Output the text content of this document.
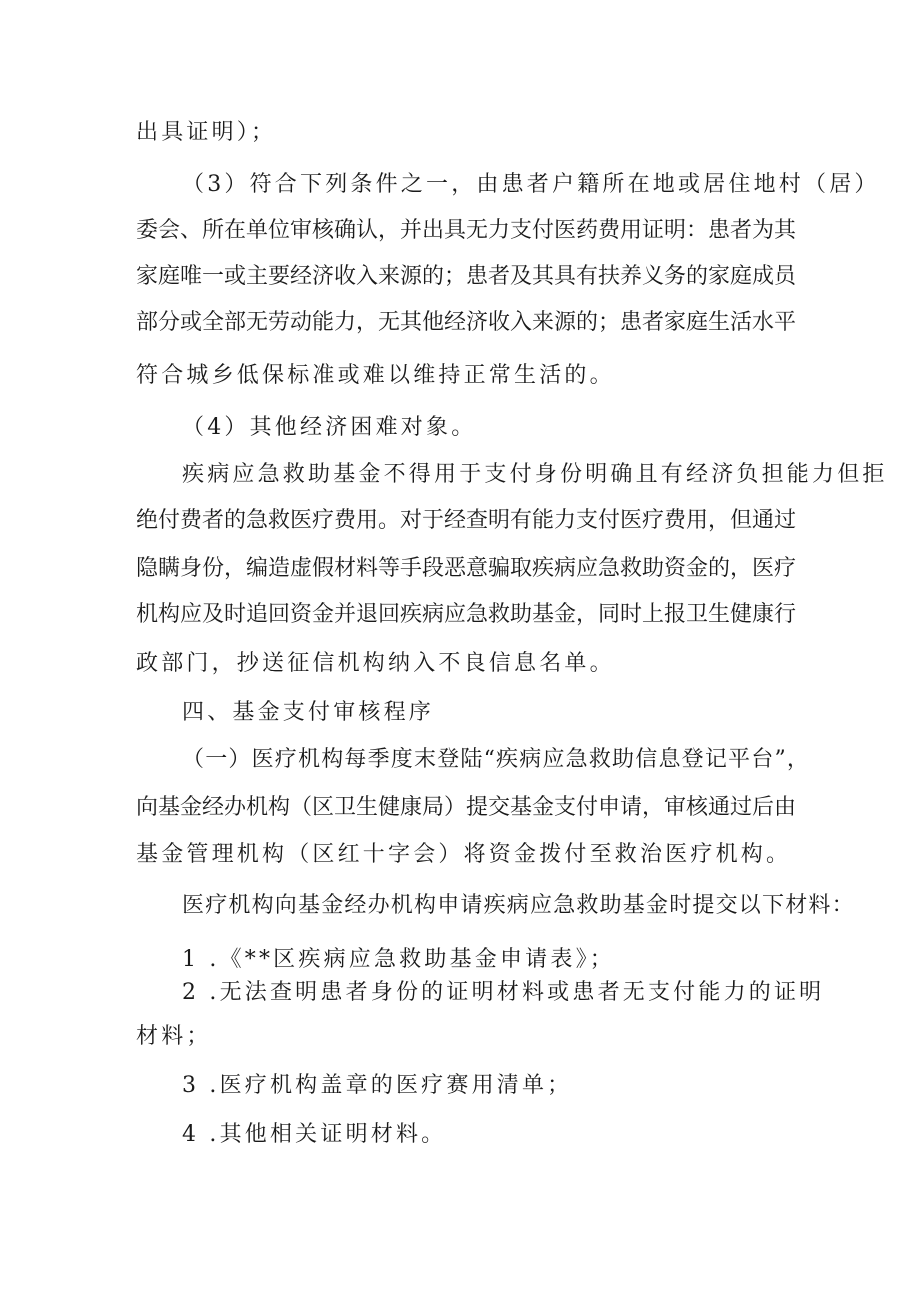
出具证明）；
（3）符合下列条件之一，由患者户籍所在地或居住地村（居）
委会、所在单位审核确认，并出具无力支付医药费用证明：患者为其
家庭唯一或主要经济收入来源的；患者及其具有扶养义务的家庭成员
部分或全部无劳动能力，无其他经济收入来源的；患者家庭生活水平
符合城乡低保标准或难以维持正常生活的。
（4）其他经济困难对象。
疾病应急救助基金不得用于支付身份明确且有经济负担能力但拒
绝付费者的急救医疗费用。对于经查明有能力支付医疗费用，但通过
隐瞒身份，编造虚假材料等手段恶意骗取疾病应急救助资金的，医疗
机构应及时追回资金并退回疾病应急救助基金，同时上报卫生健康行
政部门，抄送征信机构纳入不良信息名单。
四、基金支付审核程序
（一）医疗机构每季度末登陆“疾病应急救助信息登记平台”，
向基金经办机构（区卫生健康局）提交基金支付申请，审核通过后由
基金管理机构（区红十字会）将资金拨付至救治医疗机构。
医疗机构向基金经办机构申请疾病应急救助基金时提交以下材料：
1 .《**区疾病应急救助基金申请表》；
2 .无法查明患者身份的证明材料或患者无支付能力的证明
材料；
3 .医疗机构盖章的医疗赛用清单；
4 .其他相关证明材料。
